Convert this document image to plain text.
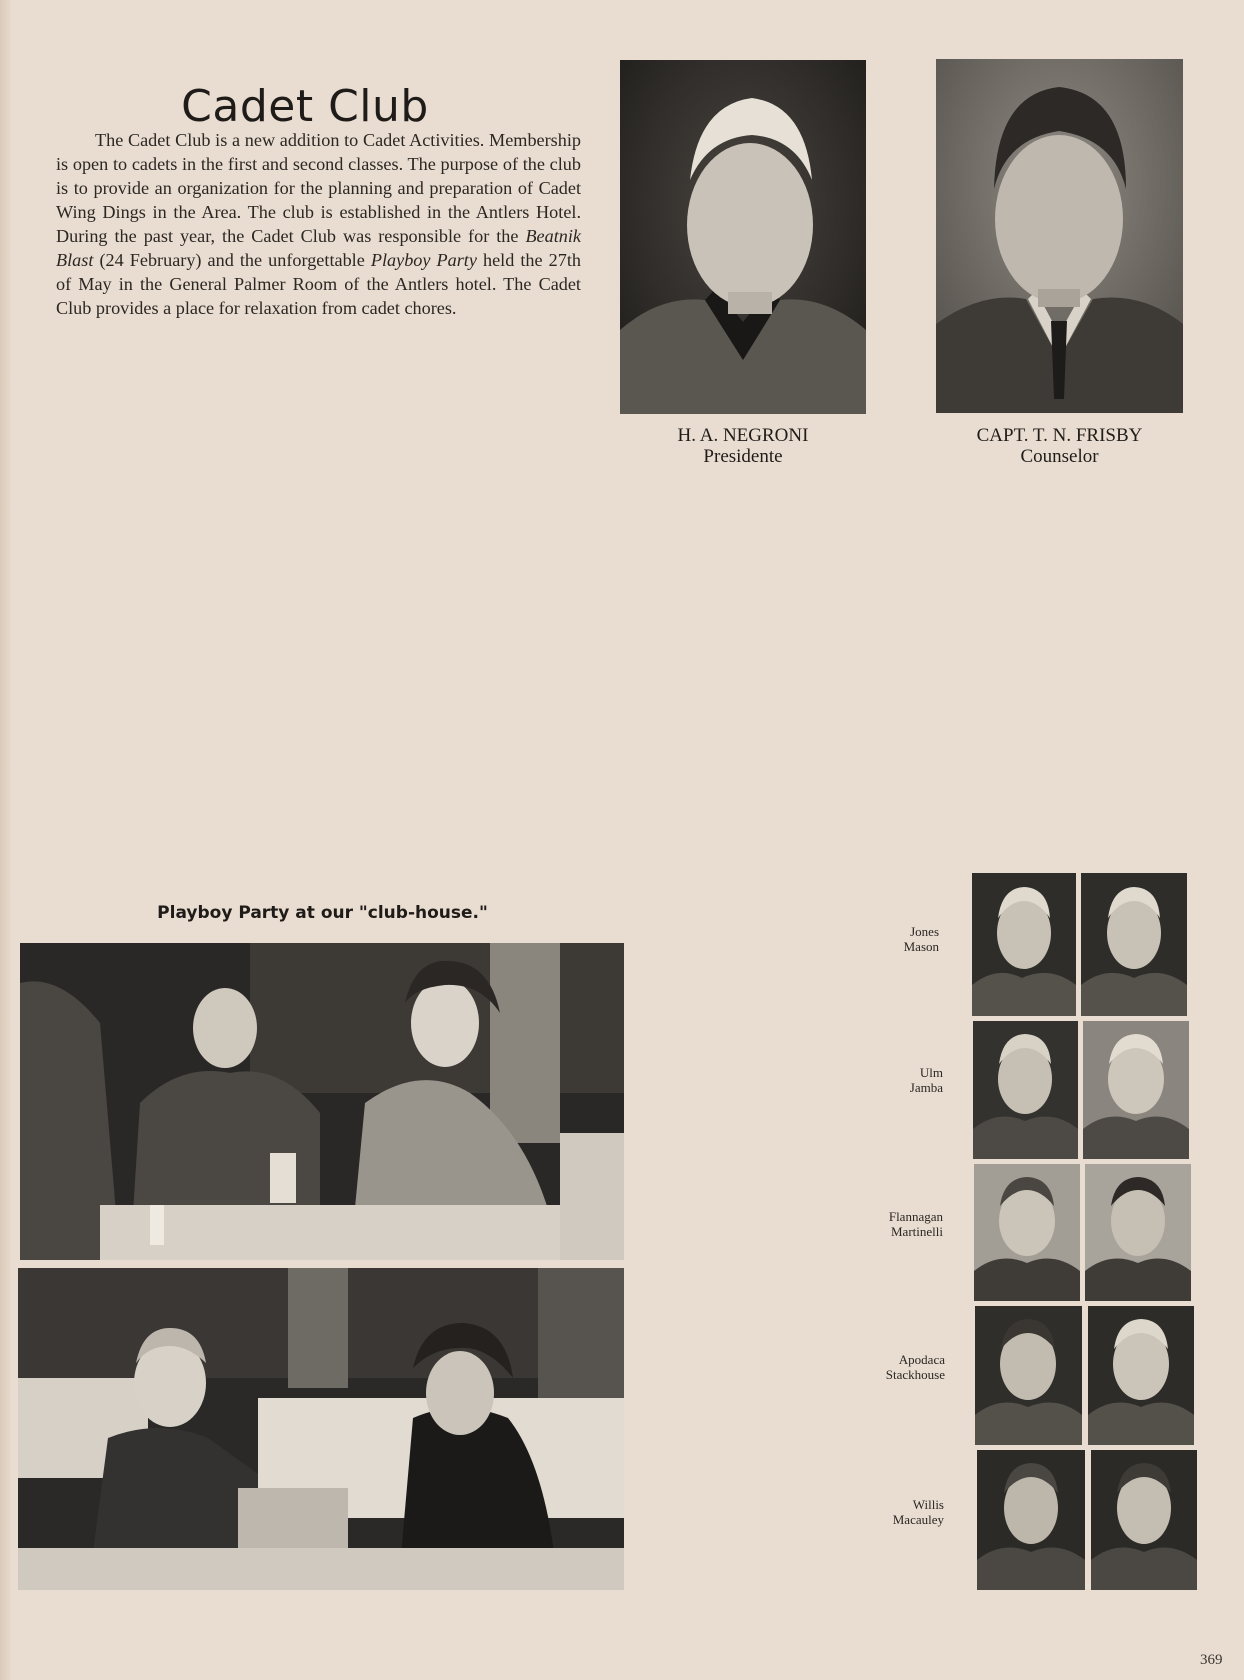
Cadet Club

The Cadet Club is a new addition to Cadet Activities. Membership is open to cadets in the first and second classes. The purpose of the club is to provide an organization for the planning and preparation of Cadet Wing Dings in the Area. The club is established in the Antlers Hotel. During the past year, the Cadet Club was responsible for the Beatnik Blast (24 February) and the unforgettable Playboy Party held the 27th of May in the General Palmer Room of the Antlers hotel. The Cadet Club provides a place for relaxation from cadet chores.

H. A. NEGRONI
Presidente
CAPT. T. N. FRISBY
Counselor
Playboy Party at our "club-house."
Jones
Mason
Ulm
Jamba
Flannagan
Martinelli
Apodaca
Stackhouse
Willis
Macauley
369
